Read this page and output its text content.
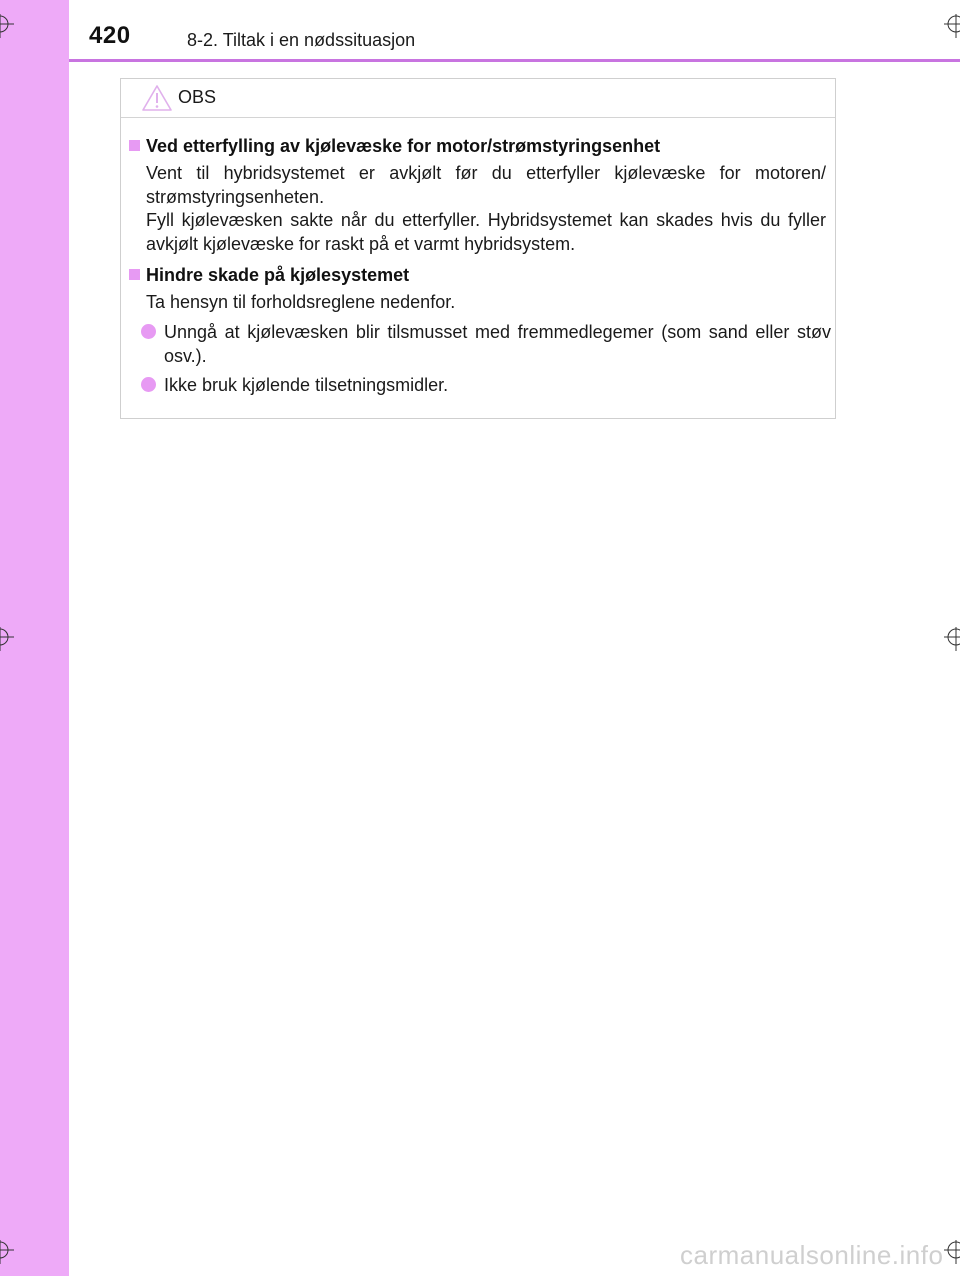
420	8-2. Tiltak i en nødssituasjon
OBS
Ved etterfylling av kjølevæske for motor/strømstyringsenhet
Vent til hybridsystemet er avkjølt før du etterfyller kjølevæske for motoren/ strømstyringsenheten.
Fyll kjølevæsken sakte når du etterfyller. Hybridsystemet kan skades hvis du fyller avkjølt kjølevæske for raskt på et varmt hybridsystem.
Hindre skade på kjølesystemet
Ta hensyn til forholdsreglene nedenfor.
Unngå at kjølevæsken blir tilsmusset med fremmedlegemer (som sand eller støv osv.).
Ikke bruk kjølende tilsetningsmidler.
carmanualsonline.info
